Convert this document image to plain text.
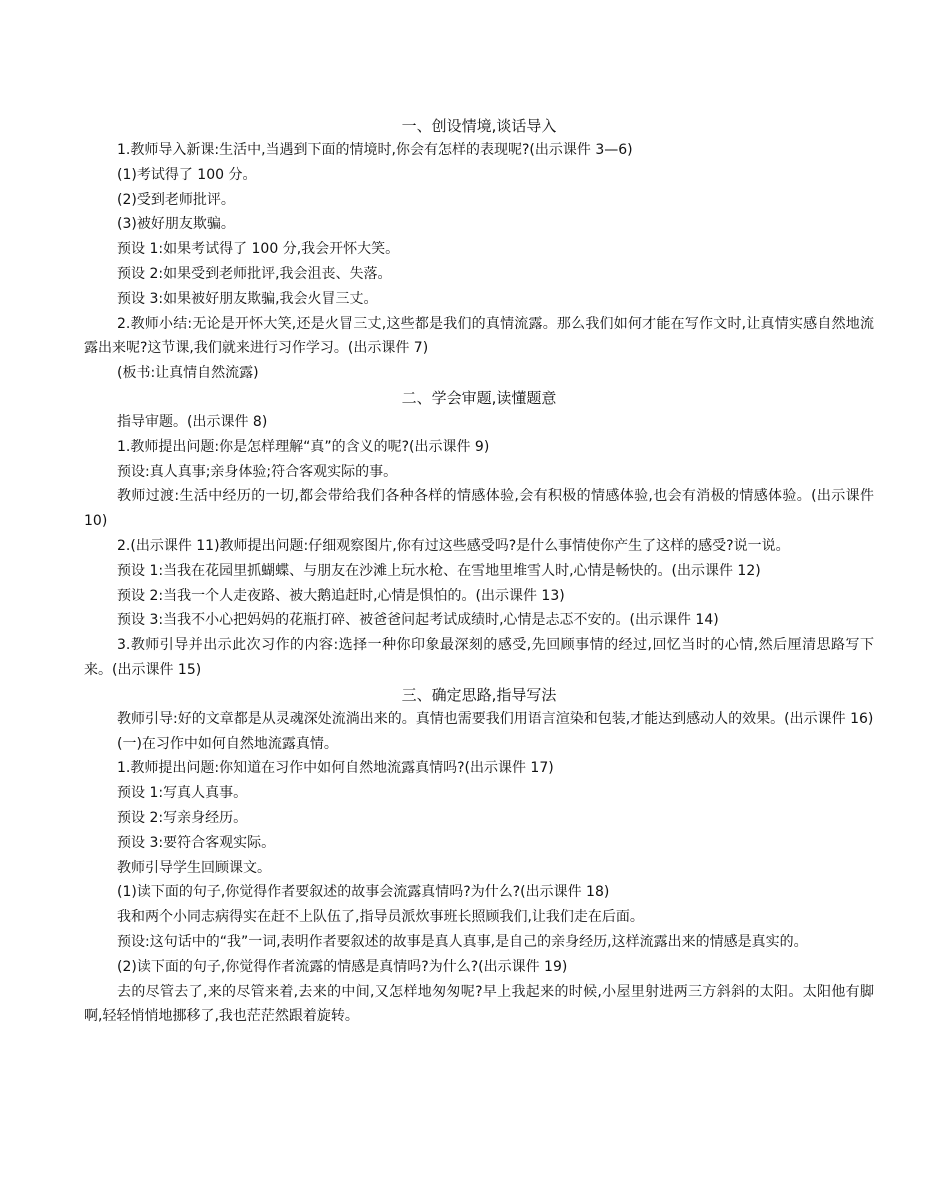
一、创设情境,谈话导入

1.教师导入新课:生活中,当遇到下面的情境时,你会有怎样的表现呢?(出示课件 3—6)

(1)考试得了 100 分。

(2)受到老师批评。

(3)被好朋友欺骗。

预设 1:如果考试得了 100 分,我会开怀大笑。

预设 2:如果受到老师批评,我会沮丧、失落。

预设 3:如果被好朋友欺骗,我会火冒三丈。

2.教师小结:无论是开怀大笑,还是火冒三丈,这些都是我们的真情流露。那么我们如何才能在写作文时,让真情实感自然地流露出来呢?这节课,我们就来进行习作学习。(出示课件 7)

(板书:让真情自然流露)

二、学会审题,读懂题意

指导审题。(出示课件 8)

1.教师提出问题:你是怎样理解“真”的含义的呢?(出示课件 9)

预设:真人真事;亲身体验;符合客观实际的事。

教师过渡:生活中经历的一切,都会带给我们各种各样的情感体验,会有积极的情感体验,也会有消极的情感体验。(出示课件 10)

2.(出示课件 11)教师提出问题:仔细观察图片,你有过这些感受吗?是什么事情使你产生了这样的感受?说一说。

预设 1:当我在花园里抓蝴蝶、与朋友在沙滩上玩水枪、在雪地里堆雪人时,心情是畅快的。(出示课件 12)

预设 2:当我一个人走夜路、被大鹅追赶时,心情是惧怕的。(出示课件 13)

预设 3:当我不小心把妈妈的花瓶打碎、被爸爸问起考试成绩时,心情是忐忑不安的。(出示课件 14)

3.教师引导并出示此次习作的内容:选择一种你印象最深刻的感受,先回顾事情的经过,回忆当时的心情,然后厘清思路写下来。(出示课件 15)

三、确定思路,指导写法

教师引导:好的文章都是从灵魂深处流淌出来的。真情也需要我们用语言渲染和包装,才能达到感动人的效果。(出示课件 16)

(一)在习作中如何自然地流露真情。

1.教师提出问题:你知道在习作中如何自然地流露真情吗?(出示课件 17)

预设 1:写真人真事。

预设 2:写亲身经历。

预设 3:要符合客观实际。

教师引导学生回顾课文。

(1)读下面的句子,你觉得作者要叙述的故事会流露真情吗?为什么?(出示课件 18)

我和两个小同志病得实在赶不上队伍了,指导员派炊事班长照顾我们,让我们走在后面。

预设:这句话中的“我”一词,表明作者要叙述的故事是真人真事,是自己的亲身经历,这样流露出来的情感是真实的。

(2)读下面的句子,你觉得作者流露的情感是真情吗?为什么?(出示课件 19)

去的尽管去了,来的尽管来着,去来的中间,又怎样地匆匆呢?早上我起来的时候,小屋里射进两三方斜斜的太阳。太阳他有脚啊,轻轻悄悄地挪移了,我也茫茫然跟着旋转。
